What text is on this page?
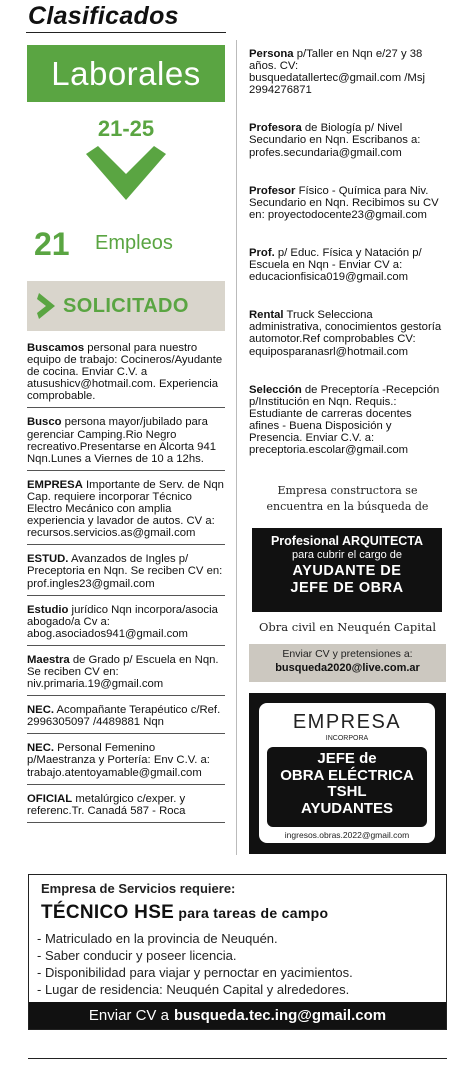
Clasificados
Laborales
21-25
21 Empleos
SOLICITADO
Buscamos personal para nuestro equipo de trabajo: Cocineros/Ayudante de cocina. Enviar C.V. a atusushicv@hotmail.com. Experiencia comprobable.
Busco persona mayor/jubilado para gerenciar Camping.Rio Negro recreativo.Presentarse en Alcorta 941 Nqn.Lunes a Viernes de 10 a 12hs.
EMPRESA Importante de Serv. de Nqn Cap. requiere incorporar Técnico Electro Mecánico con amplia experiencia y lavador de autos. CV a: recursos.servicios.as@gmail.com
ESTUD. Avanzados de Ingles p/ Preceptoria en Nqn. Se reciben CV en: prof.ingles23@gmail.com
Estudio jurídico Nqn incorpora/asocia abogado/a Cv a: abog.asociados941@gmail.com
Maestra de Grado p/ Escuela en Nqn. Se reciben CV en: niv.primaria.19@gmail.com
NEC. Acompañante Terapéutico c/Ref. 2996305097 /4489881 Nqn
NEC. Personal Femenino p/Maestranza y Portería: Env C.V. a: trabajo.atentoyamable@gmail.com
OFICIAL metalúrgico c/exper. y referenc.Tr. Canadá 587 - Roca
Persona p/Taller en Nqn e/27 y 38 años. CV: busquedatallertec@gmail.com /Msj 2994276871
Profesora de Biología p/ Nivel Secundario en Nqn. Escribanos a: profes.secundaria@gmail.com
Profesor Físico - Química para Niv. Secundario en Nqn. Recibimos su CV en: proyectodocente23@gmail.com
Prof. p/ Educ. Física y Natación p/ Escuela en Nqn - Enviar CV a: educacionfisica019@gmail.com
Rental Truck Selecciona administrativa, conocimientos gestoría automotor.Ref comprobables CV: equiposparanasrl@hotmail.com
Selección de Preceptoría -Recepción p/Institución en Nqn. Requis.: Estudiante de carreras docentes afines - Buena Disposición y Presencia. Enviar C.V. a: preceptoria.escolar@gmail.com
Empresa constructora se
encuentra en la búsqueda de
Profesional ARQUITECTA
para cubrir el cargo de
AYUDANTE DE
JEFE DE OBRA
Obra civil en Neuquén Capital
Enviar CV y pretensiones a:
busqueda2020@live.com.ar
EMPRESA
INCORPORA
JEFE de
OBRA ELÉCTRICA
TSHL
AYUDANTES
ingresos.obras.2022@gmail.com
Empresa de Servicios requiere:
TÉCNICO HSE para tareas de campo
- Matriculado en la provincia de Neuquén.
- Saber conducir y poseer licencia.
- Disponibilidad para viajar y pernoctar en yacimientos.
- Lugar de residencia: Neuquén Capital y alrededores.
Enviar CV a busqueda.tec.ing@gmail.com
